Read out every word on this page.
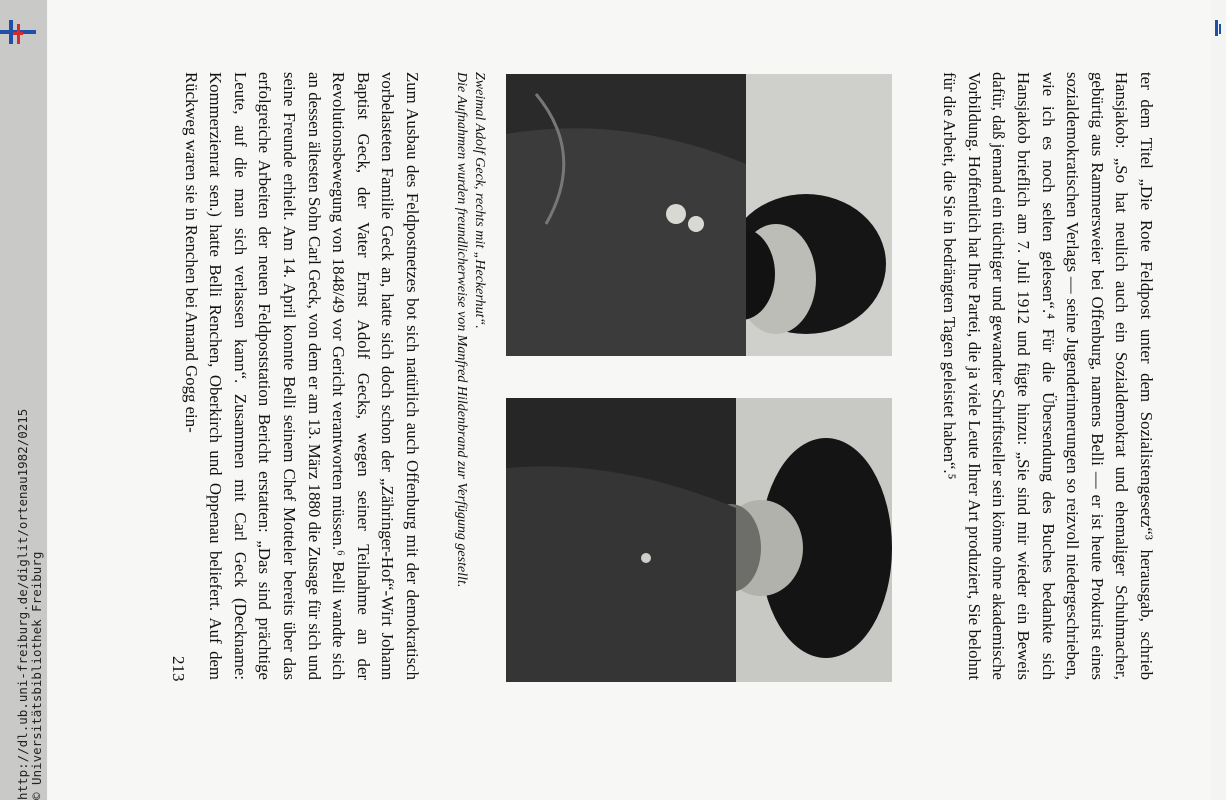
http://dl.ub.uni-freiburg.de/diglit/ortenau1982/0215 © Universitätsbibliothek Freiburg	ter dem Titel „Die Rote Feldpost unter dem Sozialistengesetz“³ herausgab, schrieb Hansjakob: „So hat neulich auch ein Sozialdemokrat und ehemaliger Schuhmacher, gebürtig aus Rammersweier bei Offenburg, namens Belli — er ist heute Prokurist eines sozialdemokratischen Verlags — seine Jugenderinnerungen so reizvoll niedergeschrieben, wie ich es noch selten gelesen“.⁴ Für die Übersendung des Buches bedankte sich Hansjakob brieflich am 7. Juli 1912 und fügte hinzu: „Sie sind mir wieder ein Beweis dafür, daß jemand ein tüchtiger und gewandter Schriftsteller sein könne ohne akademische Vorbildung. Hoffentlich hat Ihre Partei, die ja viele Leute Ihrer Art produziert, Sie belohnt für die Arbeit, die Sie in bedrängten Tagen geleistet haben“.⁵

Zweimal Adolf Geck, rechts mit „Heckerhut“.
Die Aufnahmen wurden freundlicherweise von Manfred Hildenbrand zur Verfügung gestellt.

Zum Ausbau des Feldpostnetzes bot sich natürlich auch Offenburg mit der demokratisch vorbelasteten Familie Geck an, hatte sich doch schon der „Zähringer-Hof“-Wirt Johann Baptist Geck, der Vater Ernst Adolf Gecks, wegen seiner Teilnahme an der Revolutionsbewegung von 1848/49 vor Gericht verantworten müssen.⁶ Belli wandte sich an dessen ältesten Sohn Carl Geck, von dem er am 13. März 1880 die Zusage für sich und seine Freunde erhielt. Am 14. April konnte Belli seinem Chef Motteler bereits über das erfolgreiche Arbeiten der neuen Feldpoststation Bericht erstatten: „Das sind prächtige Leute, auf die man sich verlassen kann“. Zusammen mit Carl Geck (Deckname: Kommerzienrat sen.) hatte Belli Renchen, Oberkirch und Oppenau beliefert. Auf dem Rückweg waren sie in Renchen bei Amand Gogg ein-

213
